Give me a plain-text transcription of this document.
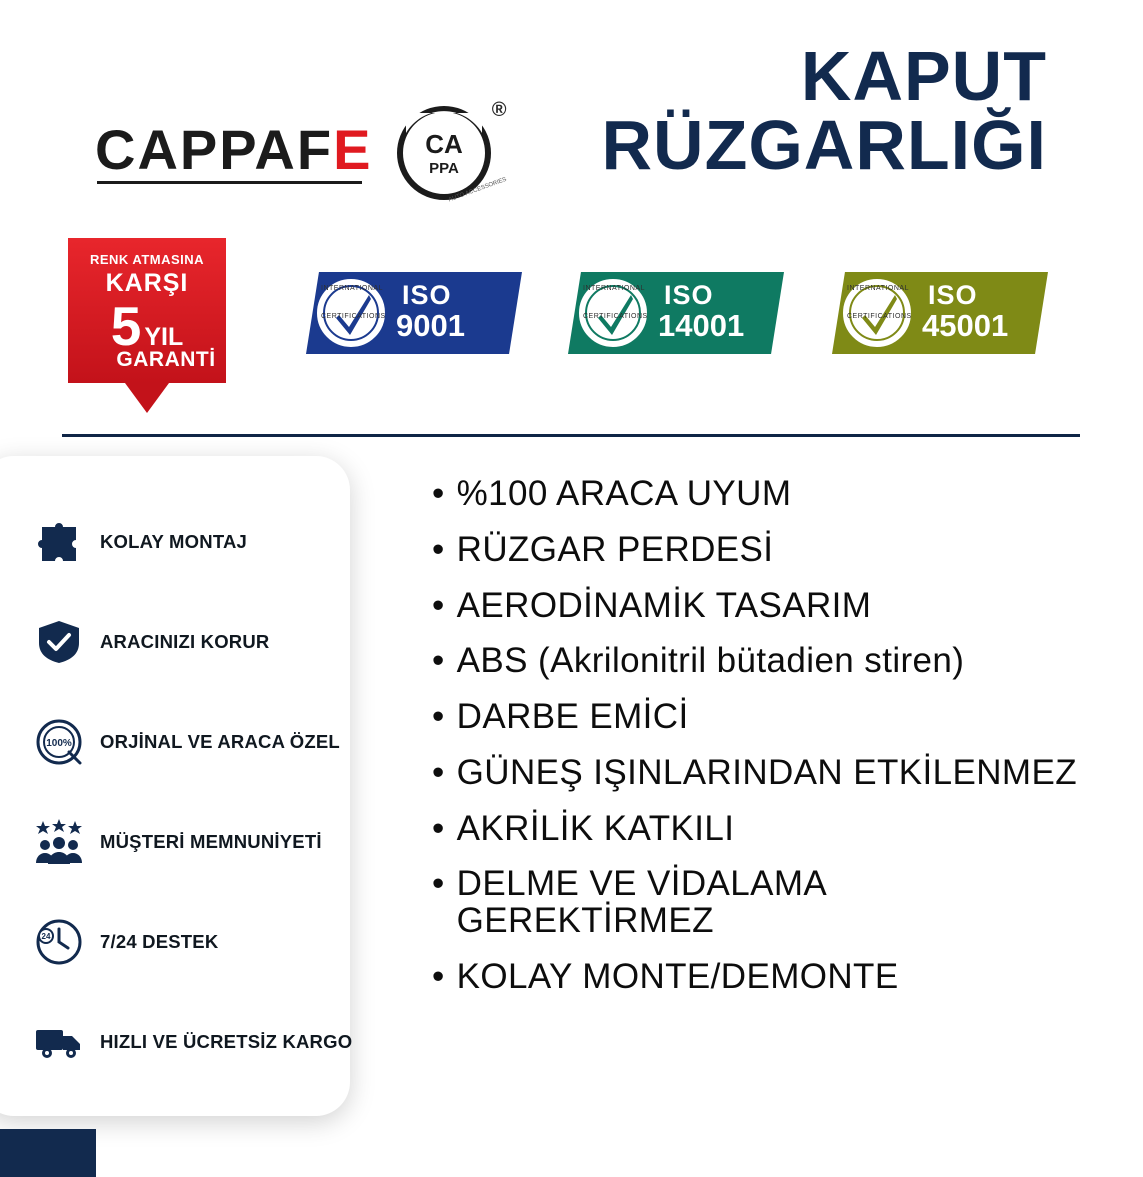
CAPPAFE CA
PPA
AUTO ACCESSORIES
®	KAPUT
RÜZGARLIĞI
RENK ATMASINA
KARŞI
5 YIL
GARANTİ
INTERNATIONAL
CERTIFICATIONS
ISO
9001
INTERNATIONAL
CERTIFICATIONS
ISO
14001
INTERNATIONAL
CERTIFICATIONS
ISO
45001
KOLAY MONTAJ
ARACINIZI KORUR
100% ORJİNAL VE ARACA ÖZEL
MÜŞTERİ MEMNUNİYETİ
24	7/24 DESTEK
HIZLI VE ÜCRETSİZ KARGO
• %100 ARACA UYUM
• RÜZGAR PERDESİ
• AERODİNAMİK TASARIM
• ABS (Akrilonitril bütadien stiren)
• DARBE EMİCİ
• GÜNEŞ IŞINLARINDAN ETKİLENMEZ
• AKRİLİK KATKILI
• DELME VE VİDALAMA GEREKTİRMEZ
• KOLAY MONTE/DEMONTE
